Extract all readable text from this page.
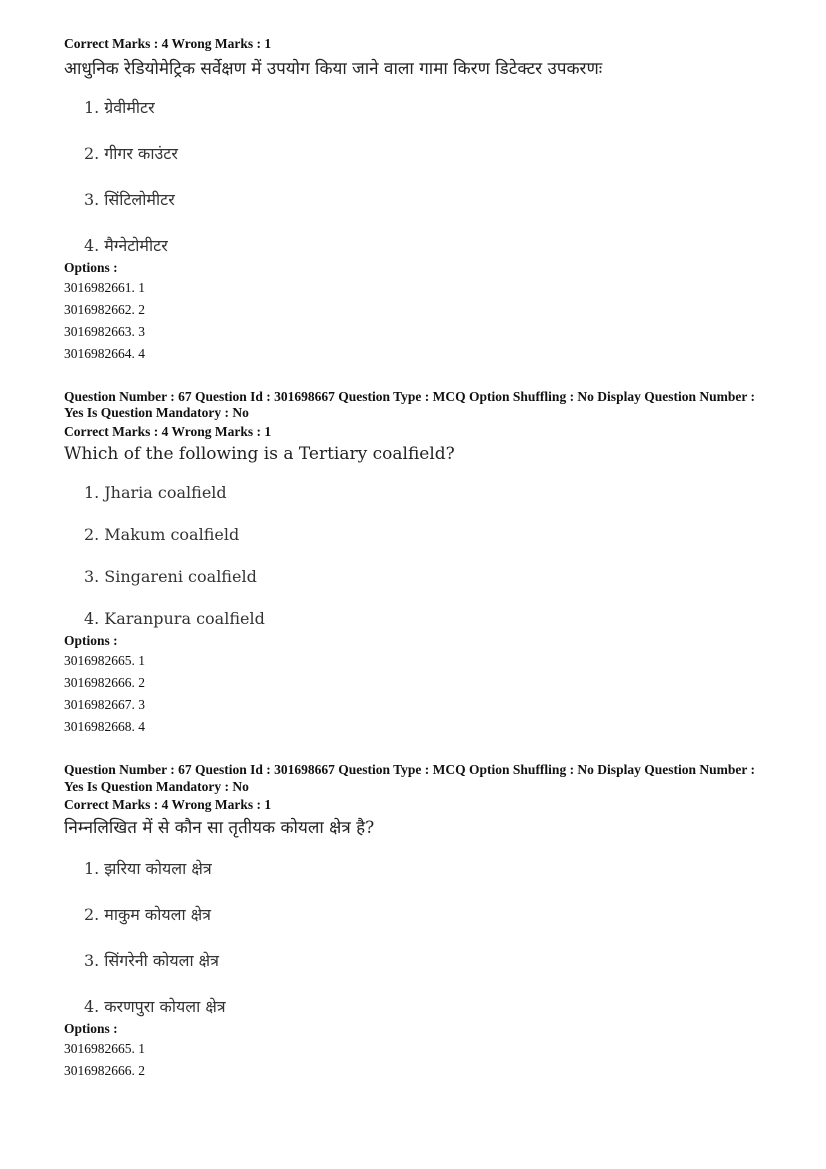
Correct Marks : 4 Wrong Marks : 1
आधुनिक रेडियोमेट्रिक सर्वेक्षण में उपयोग किया जाने वाला गामा किरण डिटेक्टर उपकरणः
1. ग्रेवीमीटर
2. गीगर काउंटर
3. सिंटिलोमीटर
4. मैग्नेटोमीटर
Options :
3016982661. 1
3016982662. 2
3016982663. 3
3016982664. 4
Question Number : 67 Question Id : 301698667 Question Type : MCQ Option Shuffling : No Display Question Number : Yes Is Question Mandatory : No
Correct Marks : 4 Wrong Marks : 1
Which of the following is a Tertiary coalfield?
1. Jharia coalfield
2. Makum coalfield
3. Singareni coalfield
4. Karanpura coalfield
Options :
3016982665. 1
3016982666. 2
3016982667. 3
3016982668. 4
Question Number : 67 Question Id : 301698667 Question Type : MCQ Option Shuffling : No Display Question Number : Yes Is Question Mandatory : No
Correct Marks : 4 Wrong Marks : 1
निम्नलिखित में से कौन सा तृतीयक कोयला क्षेत्र है?
1. झरिया कोयला क्षेत्र
2. माकुम कोयला क्षेत्र
3. सिंगरेनी कोयला क्षेत्र
4. करणपुरा कोयला क्षेत्र
Options :
3016982665. 1
3016982666. 2
